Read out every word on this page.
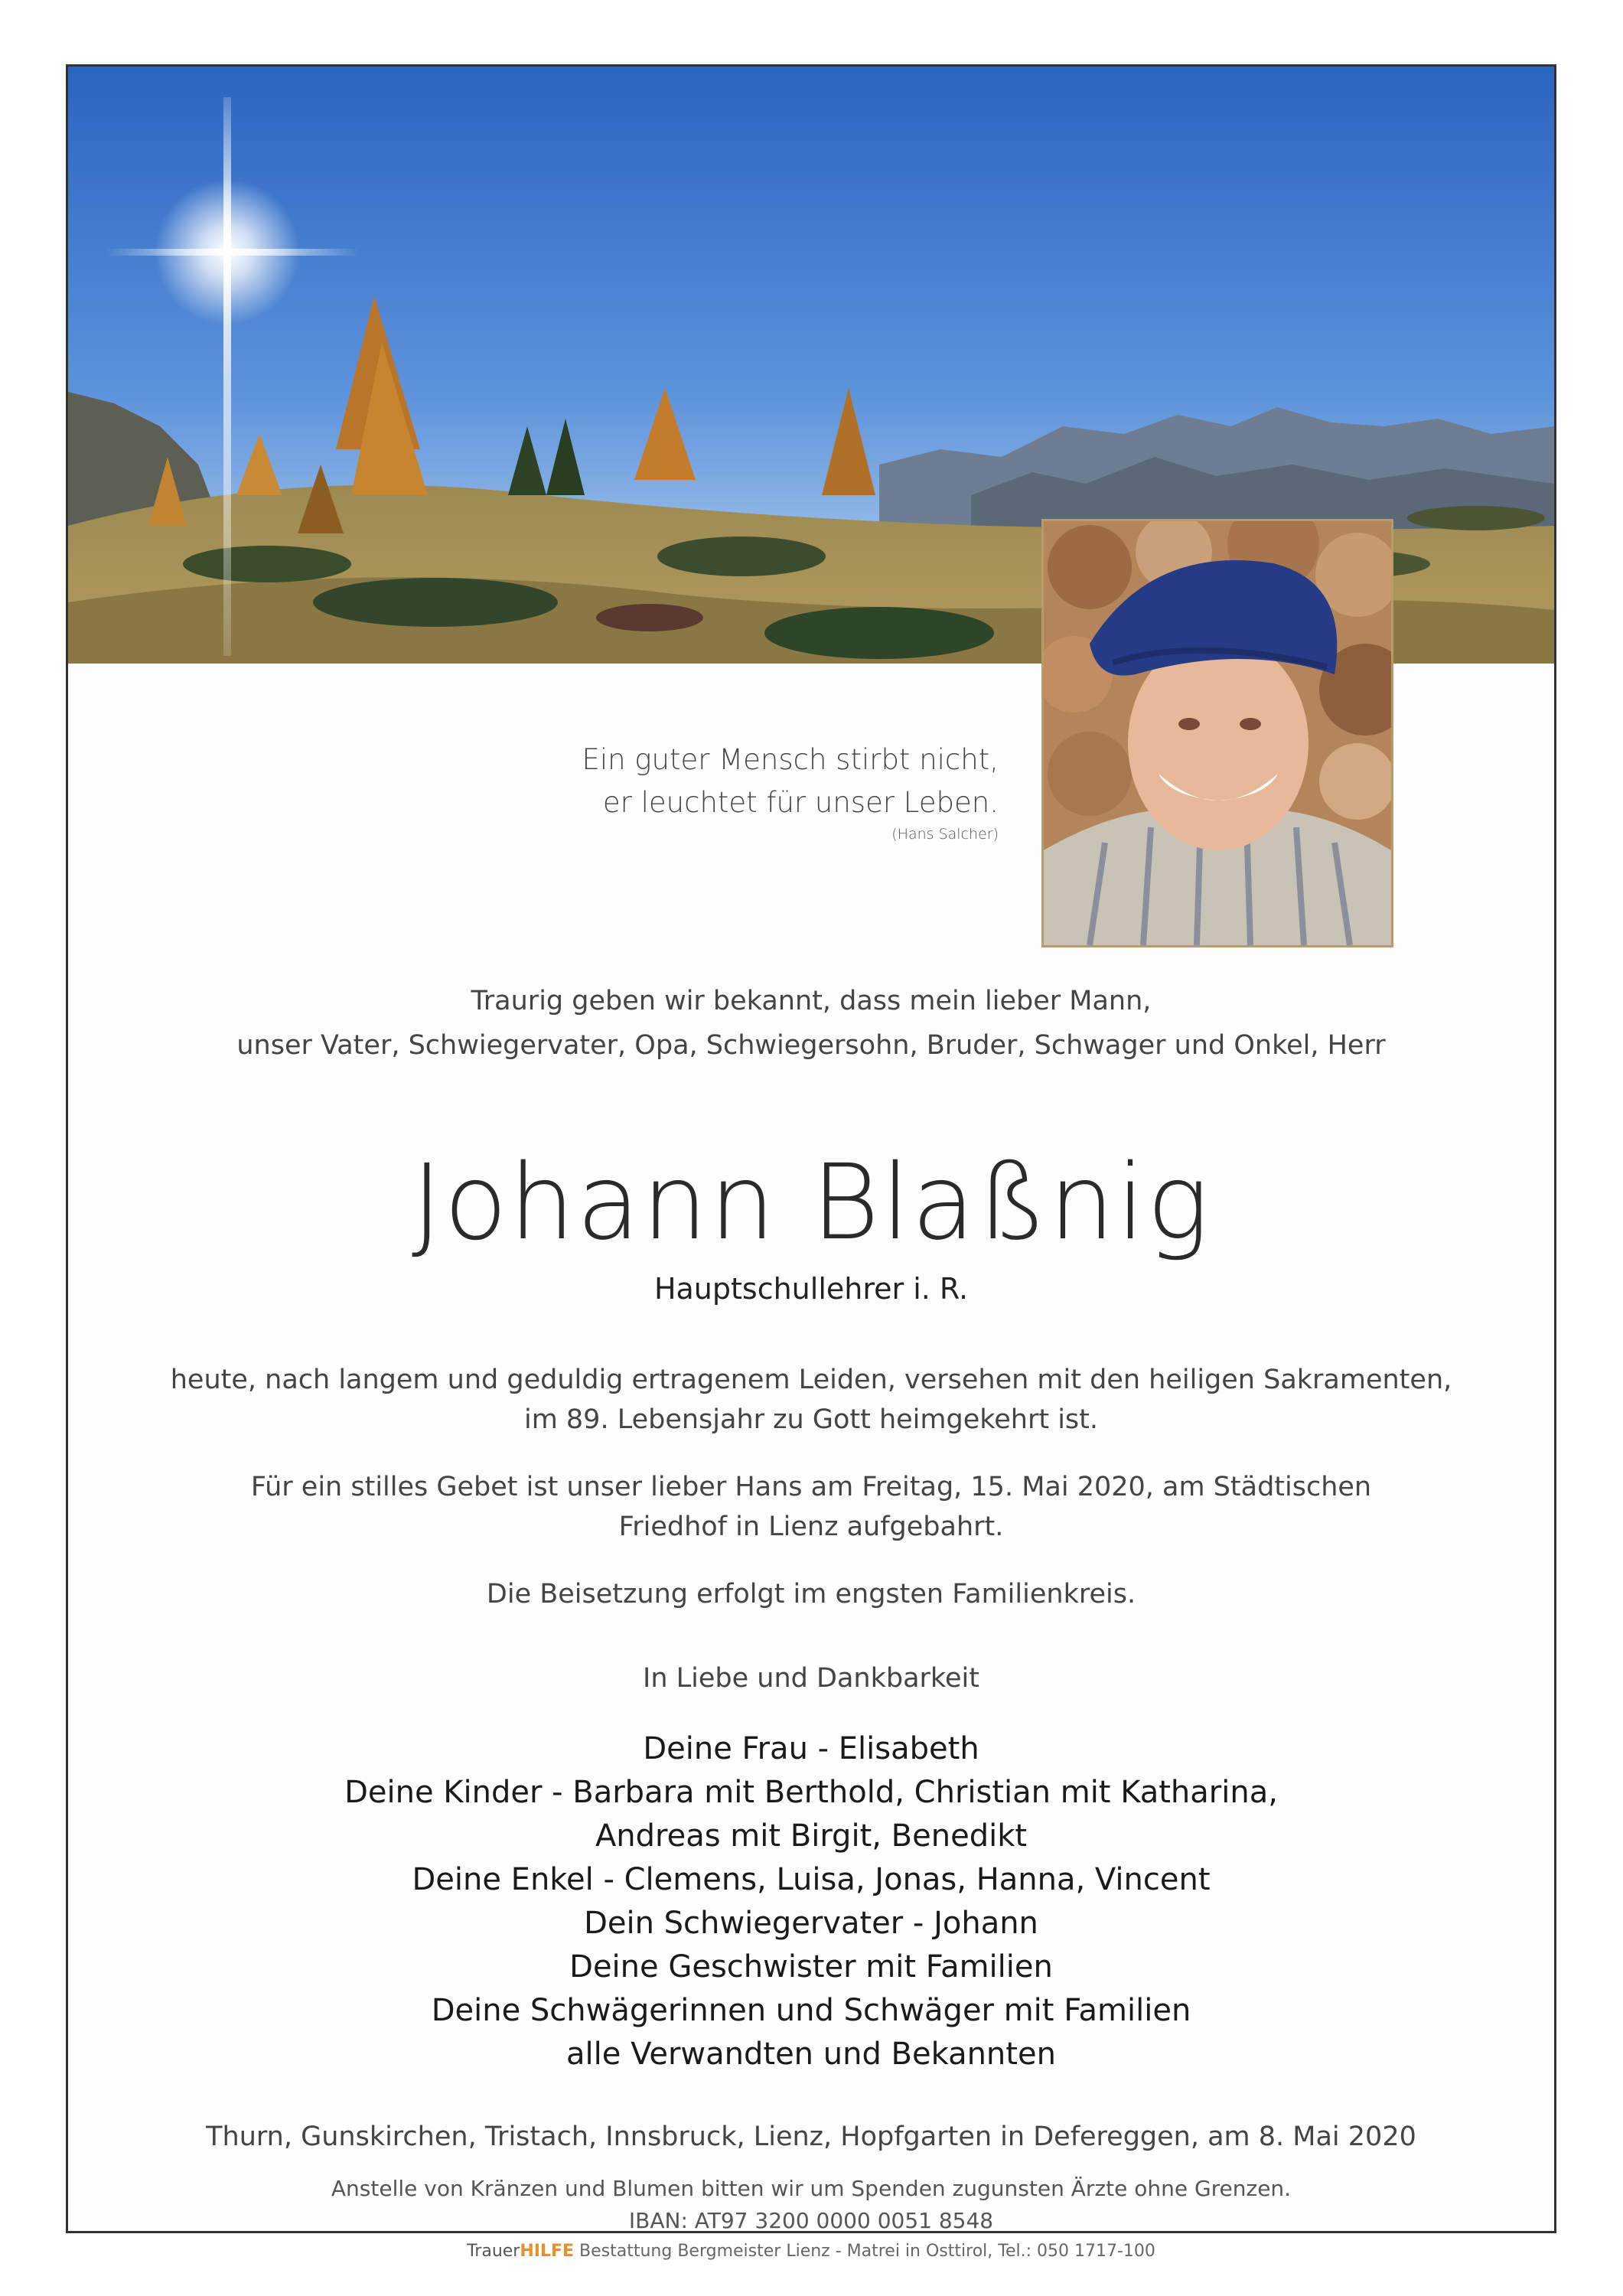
Ein guter Mensch stirbt nicht,
er leuchtet für unser Leben.
(Hans Salcher)
Traurig geben wir bekannt, dass mein lieber Mann,
unser Vater, Schwiegervater, Opa, Schwiegersohn, Bruder, Schwager und Onkel, Herr
Johann Blaßnig
Hauptschullehrer i. R.
heute, nach langem und geduldig ertragenem Leiden, versehen mit den heiligen Sakramenten,
im 89. Lebensjahr zu Gott heimgekehrt ist.
Für ein stilles Gebet ist unser lieber Hans am Freitag, 15. Mai 2020, am Städtischen
Friedhof in Lienz aufgebahrt.
Die Beisetzung erfolgt im engsten Familienkreis.
In Liebe und Dankbarkeit
Deine Frau - Elisabeth
Deine Kinder - Barbara mit Berthold, Christian mit Katharina,
Andreas mit Birgit, Benedikt
Deine Enkel - Clemens, Luisa, Jonas, Hanna, Vincent
Dein Schwiegervater - Johann
Deine Geschwister mit Familien
Deine Schwägerinnen und Schwäger mit Familien
alle Verwandten und Bekannten
Thurn, Gunskirchen, Tristach, Innsbruck, Lienz, Hopfgarten in Defereggen, am 8. Mai 2020
Anstelle von Kränzen und Blumen bitten wir um Spenden zugunsten Ärzte ohne Grenzen.
IBAN: AT97 3200 0000 0051 8548
TrauerHILFE Bestattung Bergmeister Lienz - Matrei in Osttirol, Tel.: 050 1717-100
